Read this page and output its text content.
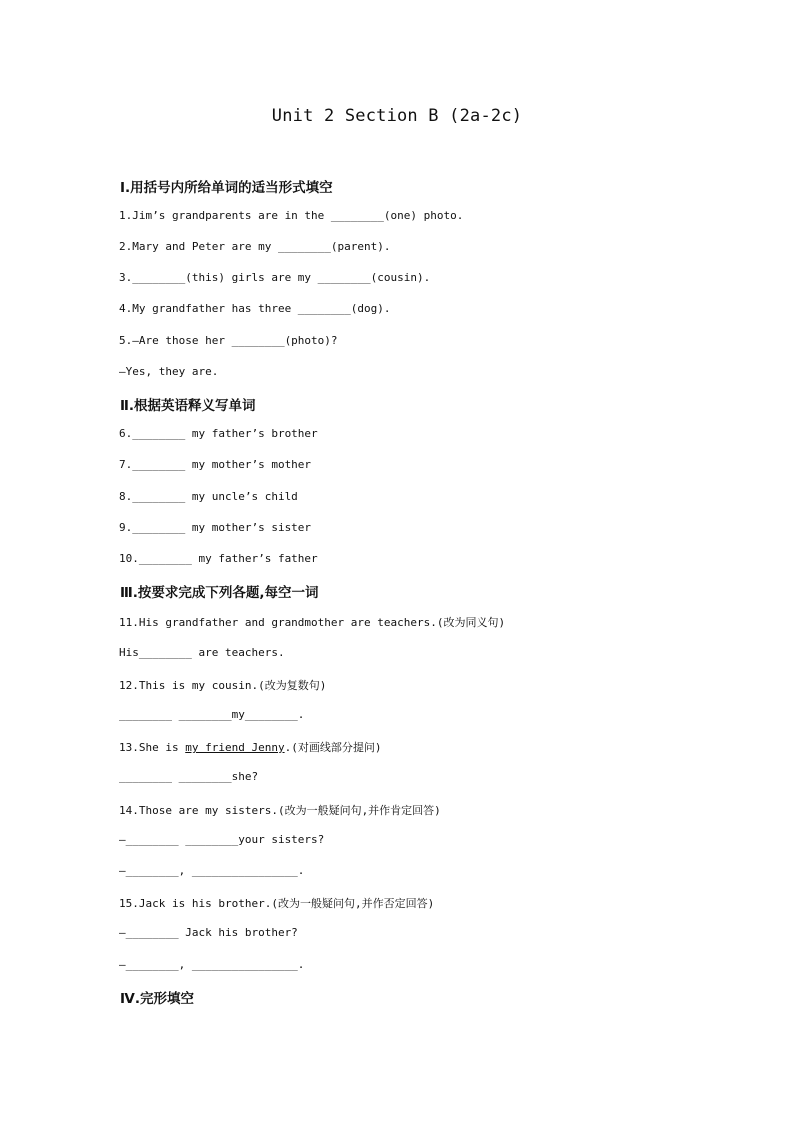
Unit 2 Section B (2a-2c)
Ⅰ.用括号内所给单词的适当形式填空
1.Jim’s grandparents are in the ________(one) photo.
2.Mary and Peter are my ________(parent).
3.________(this) girls are my ________(cousin).
4.My grandfather has three ________(dog).
5.—Are those her ________(photo)?
—Yes, they are.
Ⅱ.根据英语释义写单词
6.________ my father’s brother
7.________ my mother’s mother
8.________ my uncle’s child
9.________ my mother’s sister
10.________ my father’s father
Ⅲ.按要求完成下列各题,每空一词
11.His grandfather and grandmother are teachers.(改为同义句)
His________ are teachers.
12.This is my cousin.(改为复数句)
________ ________my________.
13.She is my friend Jenny.(对画线部分提问)
________ ________she?
14.Those are my sisters.(改为一般疑问句,并作肯定回答)
—________ ________your sisters?
—________, ________________.
15.Jack is his brother.(改为一般疑问句,并作否定回答)
—________ Jack his brother?
—________, ________________.
Ⅳ.完形填空
